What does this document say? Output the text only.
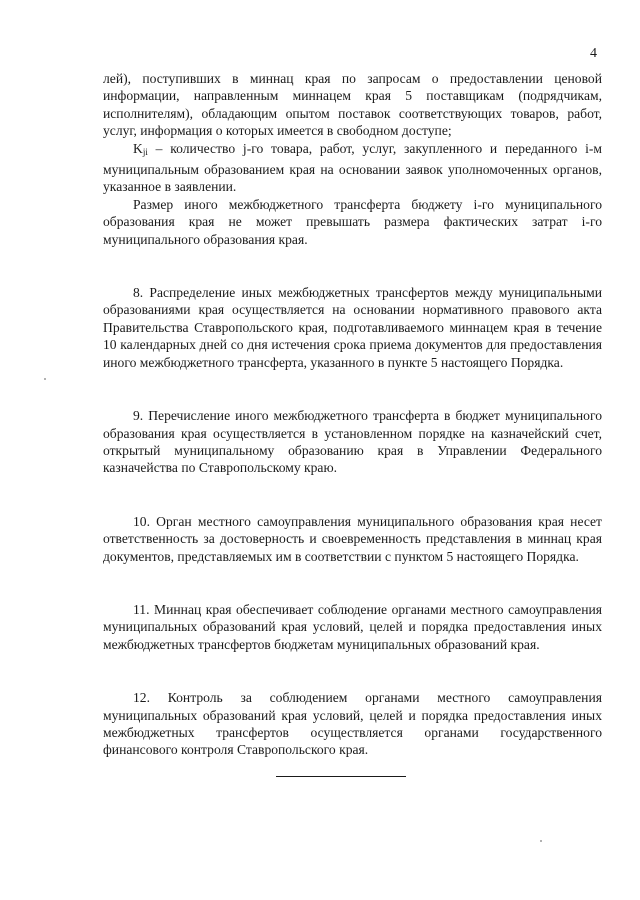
4

лей), поступивших в миннац края по запросам о предоставлении ценовой информации, направленным миннацем края 5 поставщикам (подрядчикам, исполнителям), обладающим опытом поставок соответствующих товаров, работ, услуг, информация о которых имеется в свободном доступе;

$K_{ji}$ – количество j-го товара, работ, услуг, закупленного и переданного i-м муниципальным образованием края на основании заявок уполномоченных органов, указанное в заявлении.

Размер иного межбюджетного трансферта бюджету i-го муниципального образования края не может превышать размера фактических затрат i-го муниципального образования края.

8. Распределение иных межбюджетных трансфертов между муниципальными образованиями края осуществляется на основании нормативного правового акта Правительства Ставропольского края, подготавливаемого миннацем края в течение 10 календарных дней со дня истечения срока приема документов для предоставления иного межбюджетного трансферта, указанного в пункте 5 настоящего Порядка.

9. Перечисление иного межбюджетного трансферта в бюджет муниципального образования края осуществляется в установленном порядке на казначейский счет, открытый муниципальному образованию края в Управлении Федерального казначейства по Ставропольскому краю.

10. Орган местного самоуправления муниципального образования края несет ответственность за достоверность и своевременность представления в миннац края документов, представляемых им в соответствии с пунктом 5 настоящего Порядка.

11. Миннац края обеспечивает соблюдение органами местного самоуправления муниципальных образований края условий, целей и порядка предоставления иных межбюджетных трансфертов бюджетам муниципальных образований края.

12. Контроль за соблюдением органами местного самоуправления муниципальных образований края условий, целей и порядка предоставления иных межбюджетных трансфертов осуществляется органами государственного финансового контроля Ставропольского края.
